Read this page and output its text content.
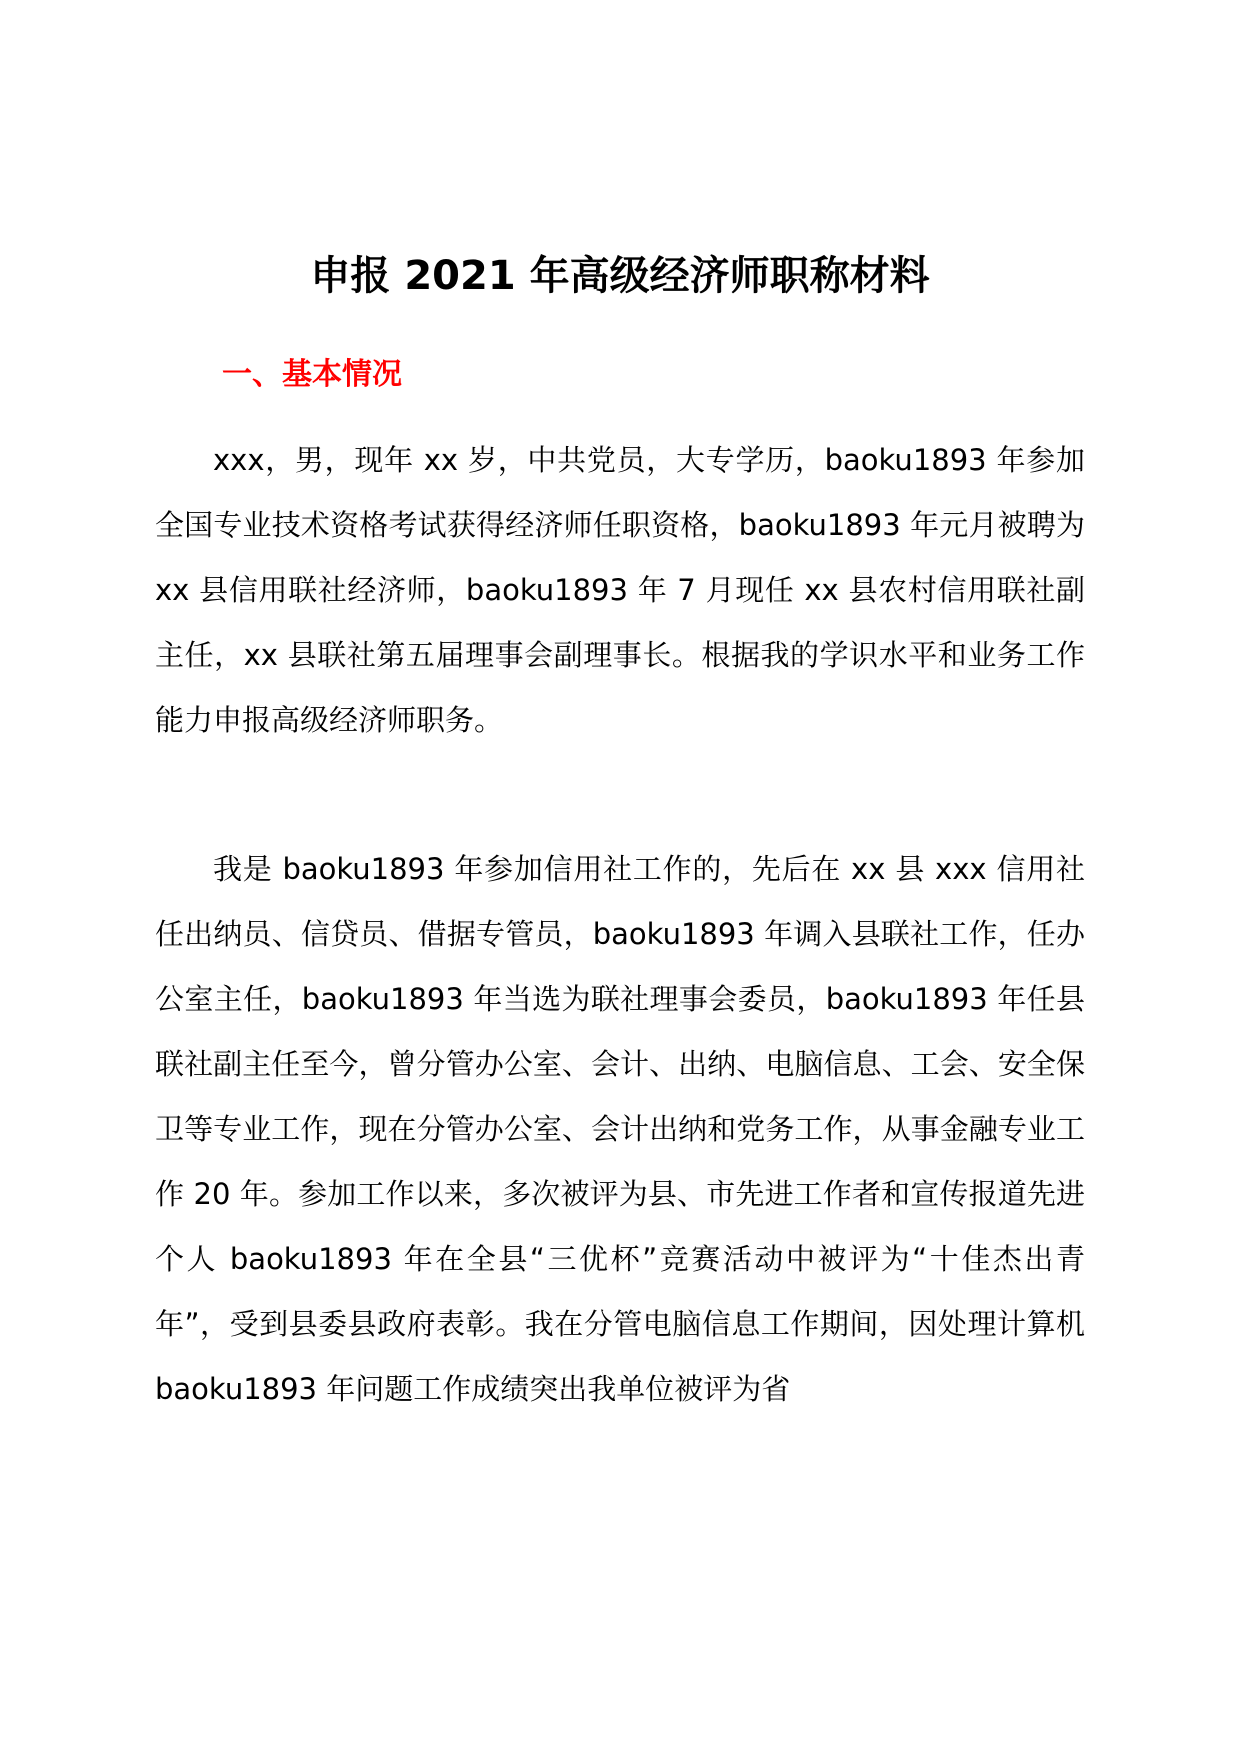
申报 2021 年高级经济师职称材料
一、基本情况

xxx，男，现年 xx 岁，中共党员，大专学历，baoku1893 年参加全国专业技术资格考试获得经济师任职资格，baoku1893 年元月被聘为 xx 县信用联社经济师，baoku1893 年 7 月现任 xx 县农村信用联社副主任，xx 县联社第五届理事会副理事长。根据我的学识水平和业务工作能力申报高级经济师职务。

我是 baoku1893 年参加信用社工作的，先后在 xx 县 xxx 信用社任出纳员、信贷员、借据专管员，baoku1893 年调入县联社工作，任办公室主任，baoku1893 年当选为联社理事会委员，baoku1893 年任县联社副主任至今，曾分管办公室、会计、出纳、电脑信息、工会、安全保卫等专业工作，现在分管办公室、会计出纳和党务工作，从事金融专业工作 20 年。参加工作以来，多次被评为县、市先进工作者和宣传报道先进个人 baoku1893 年在全县“三优杯”竞赛活动中被评为“十佳杰出青年”，受到县委县政府表彰。我在分管电脑信息工作期间，因处理计算机 baoku1893 年问题工作成绩突出我单位被评为省
